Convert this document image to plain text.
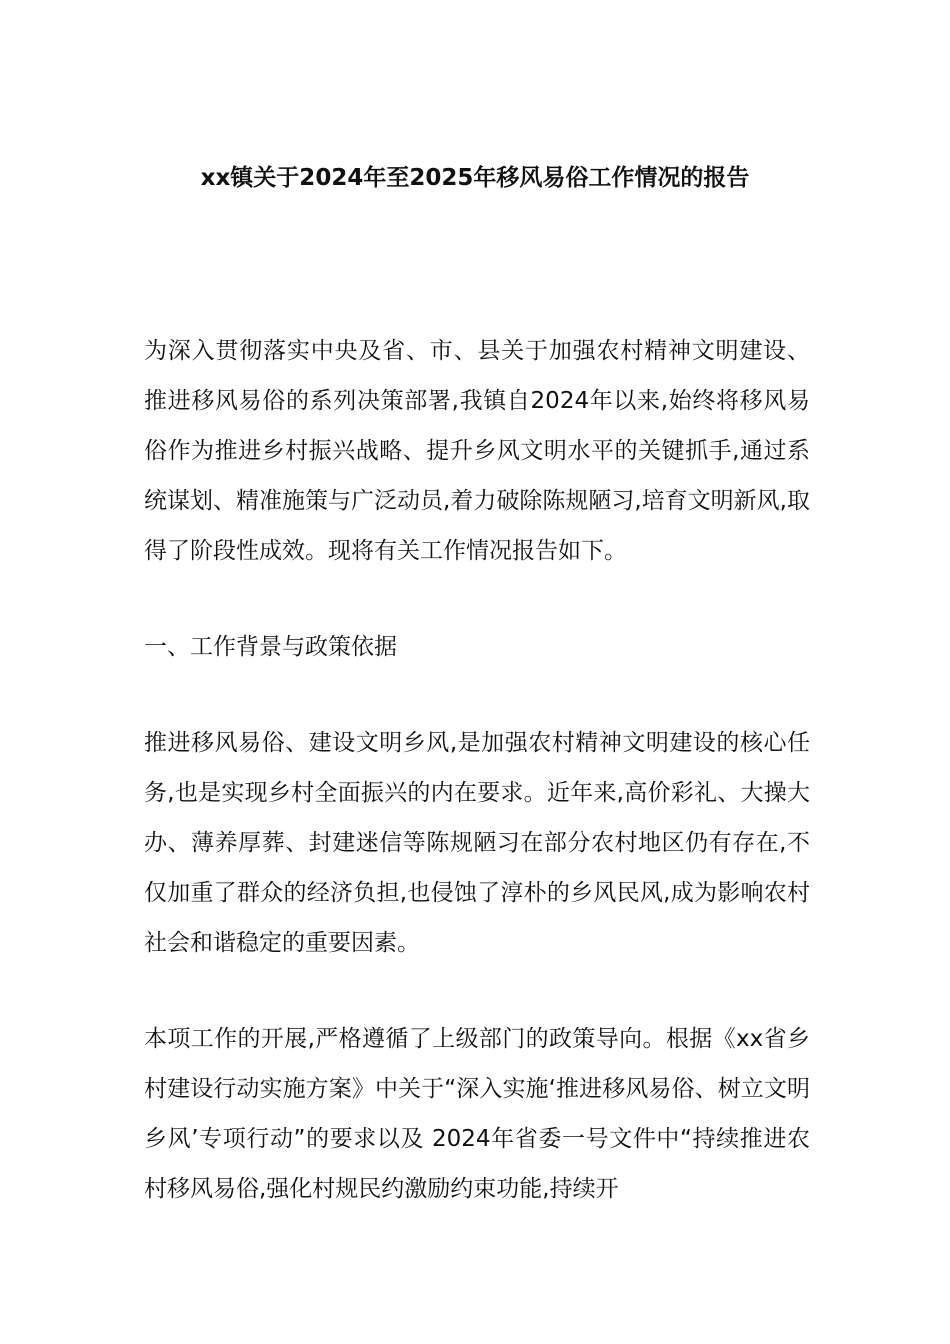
xx镇关于2024年至2025年移风易俗工作情况的报告

为深入贯彻落实中央及省、市、县关于加强农村精神文明建设、推进移风易俗的系列决策部署,我镇自2024年以来,始终将移风易俗作为推进乡村振兴战略、提升乡风文明水平的关键抓手,通过系统谋划、精准施策与广泛动员,着力破除陈规陋习,培育文明新风,取得了阶段性成效。现将有关工作情况报告如下。

一、工作背景与政策依据

推进移风易俗、建设文明乡风,是加强农村精神文明建设的核心任务,也是实现乡村全面振兴的内在要求。近年来,高价彩礼、大操大办、薄养厚葬、封建迷信等陈规陋习在部分农村地区仍有存在,不仅加重了群众的经济负担,也侵蚀了淳朴的乡风民风,成为影响农村社会和谐稳定的重要因素。

本项工作的开展,严格遵循了上级部门的政策导向。根据《xx省乡村建设行动实施方案》中关于“深入实施‘推进移风易俗、树立文明乡风’专项行动”的要求以及 2024年省委一号文件中“持续推进农村移风易俗,强化村规民约激励约束功能,持续开
